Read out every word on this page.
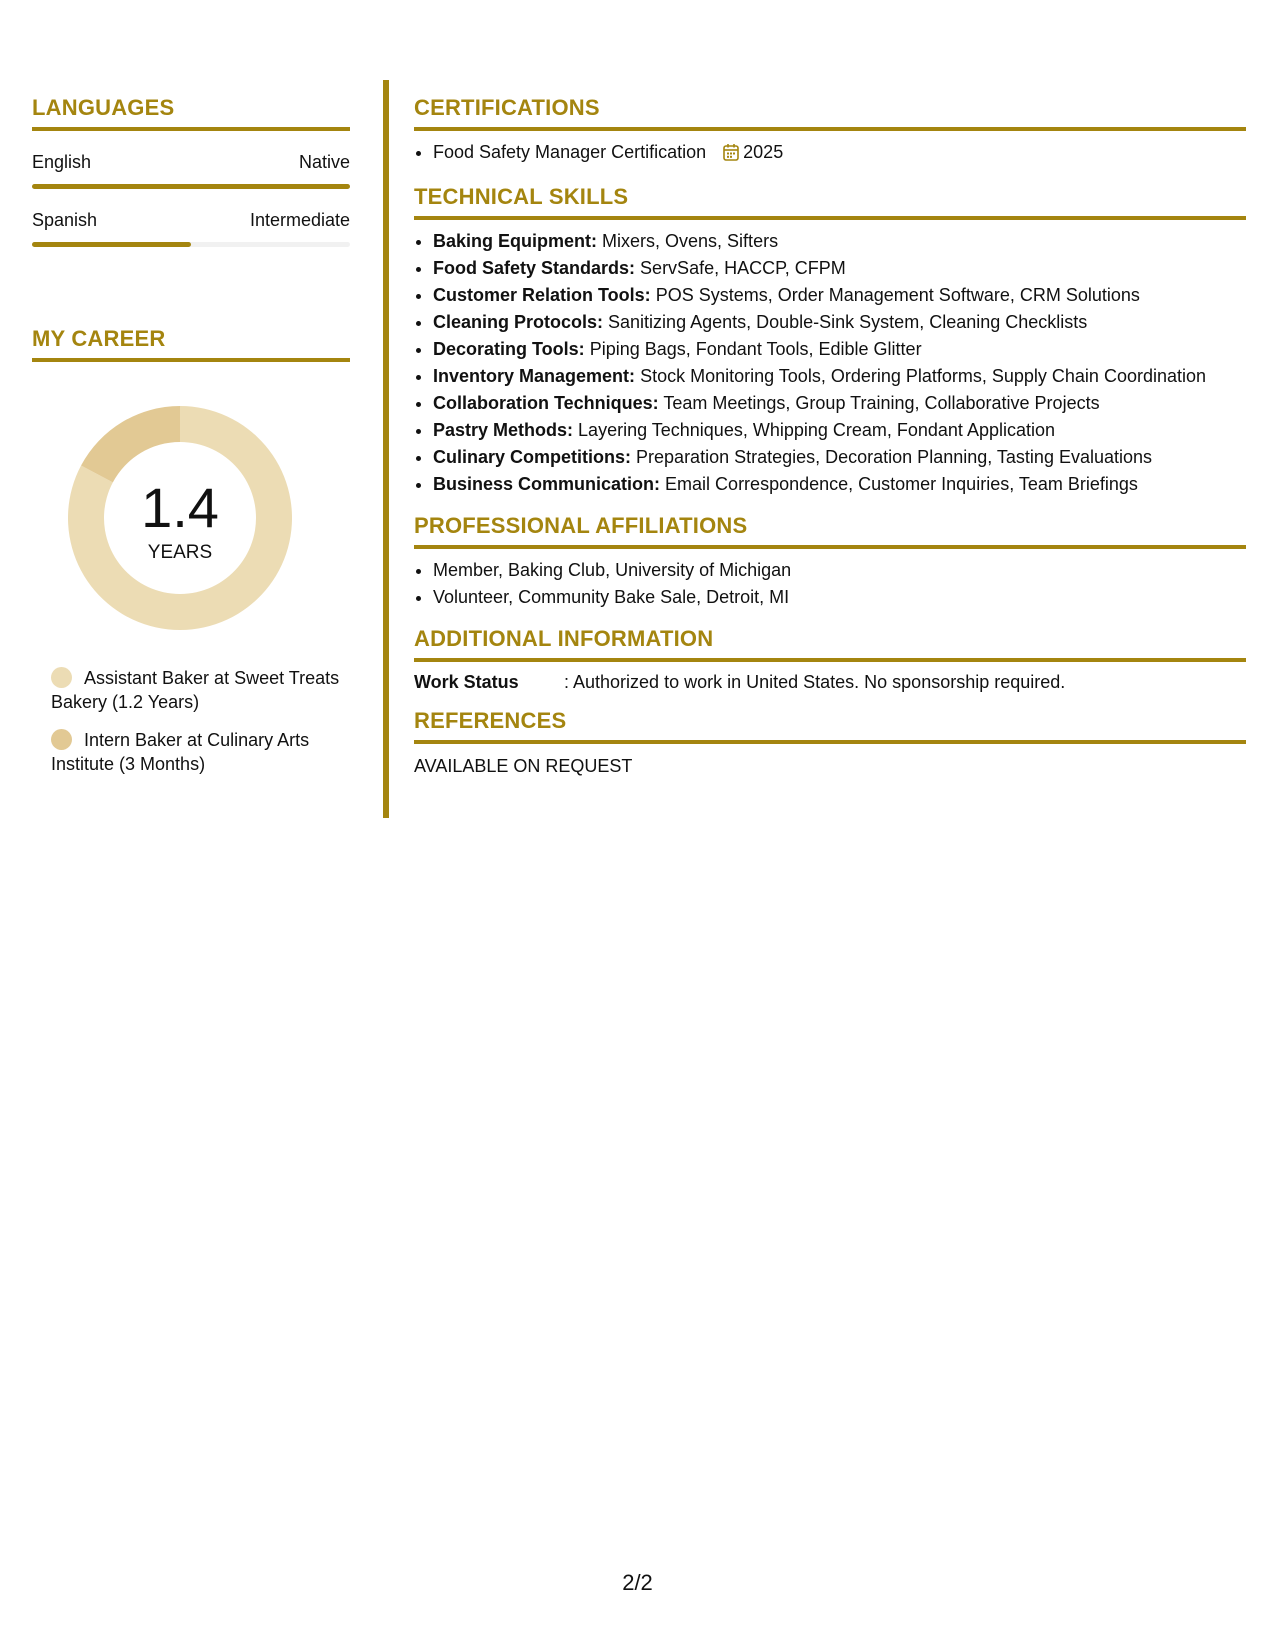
LANGUAGES
English	Native
Spanish	Intermediate
MY CAREER
1.4
YEARS
Assistant Baker at Sweet Treats Bakery (1.2 Years)
Intern Baker at Culinary Arts Institute (3 Months)
CERTIFICATIONS
• Food Safety Manager Certification 2025
TECHNICAL SKILLS
• Baking Equipment: Mixers, Ovens, Sifters
• Food Safety Standards: ServSafe, HACCP, CFPM
• Customer Relation Tools: POS Systems, Order Management Software, CRM Solutions
• Cleaning Protocols: Sanitizing Agents, Double-Sink System, Cleaning Checklists
• Decorating Tools: Piping Bags, Fondant Tools, Edible Glitter
• Inventory Management: Stock Monitoring Tools, Ordering Platforms, Supply Chain Coordination
• Collaboration Techniques: Team Meetings, Group Training, Collaborative Projects
• Pastry Methods: Layering Techniques, Whipping Cream, Fondant Application
• Culinary Competitions: Preparation Strategies, Decoration Planning, Tasting Evaluations
• Business Communication: Email Correspondence, Customer Inquiries, Team Briefings
PROFESSIONAL AFFILIATIONS
• Member, Baking Club, University of Michigan
• Volunteer, Community Bake Sale, Detroit, MI
ADDITIONAL INFORMATION
Work Status	: Authorized to work in United States. No sponsorship required.
REFERENCES
AVAILABLE ON REQUEST
2/2
